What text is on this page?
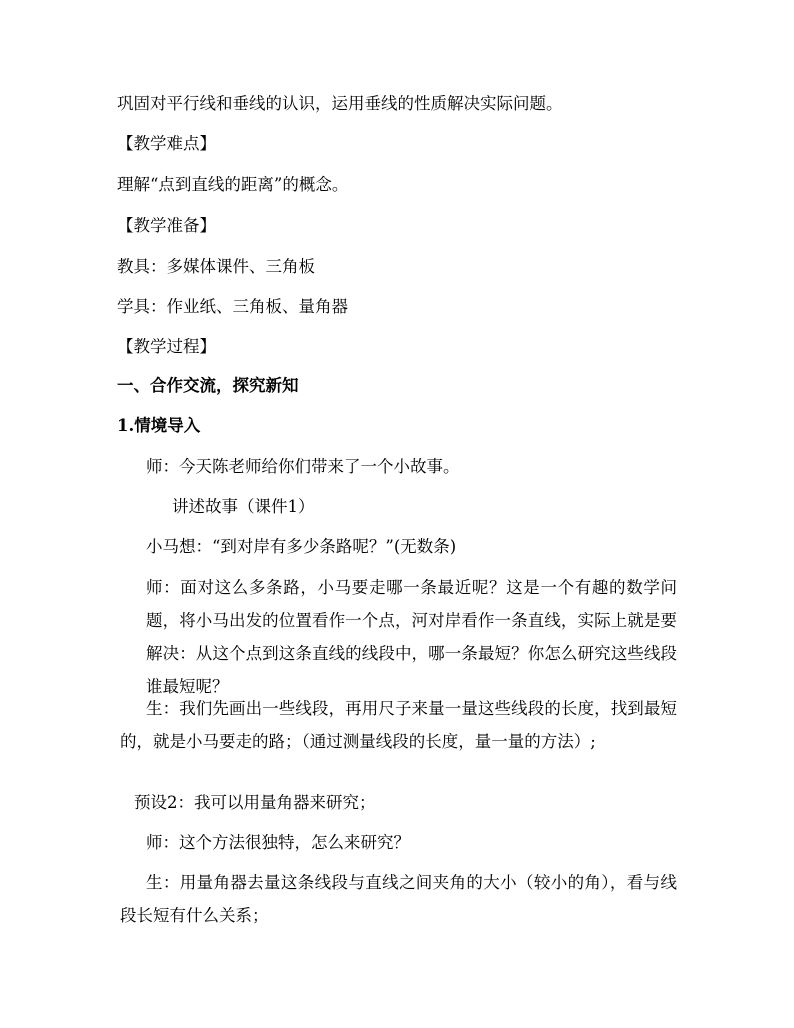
巩固对平行线和垂线的认识，运用垂线的性质解决实际问题。
【教学难点】
理解“点到直线的距离”的概念。
【教学准备】
教具：多媒体课件、三角板
学具：作业纸、三角板、量角器
【教学过程】
一、合作交流，探究新知
1.情境导入
师：今天陈老师给你们带来了一个小故事。
讲述故事（课件1）
小马想：“到对岸有多少条路呢？”(无数条)
师：面对这么多条路，小马要走哪一条最近呢？这是一个有趣的数学问题，将小马出发的位置看作一个点，河对岸看作一条直线，实际上就是要解决：从这个点到这条直线的线段中，哪一条最短？你怎么研究这些线段谁最短呢？
生：我们先画出一些线段，再用尺子来量一量这些线段的长度，找到最短的，就是小马要走的路；（通过测量线段的长度，量一量的方法）;
预设2：我可以用量角器来研究；
师：这个方法很独特，怎么来研究？
生：用量角器去量这条线段与直线之间夹角的大小（较小的角），看与线段长短有什么关系；
